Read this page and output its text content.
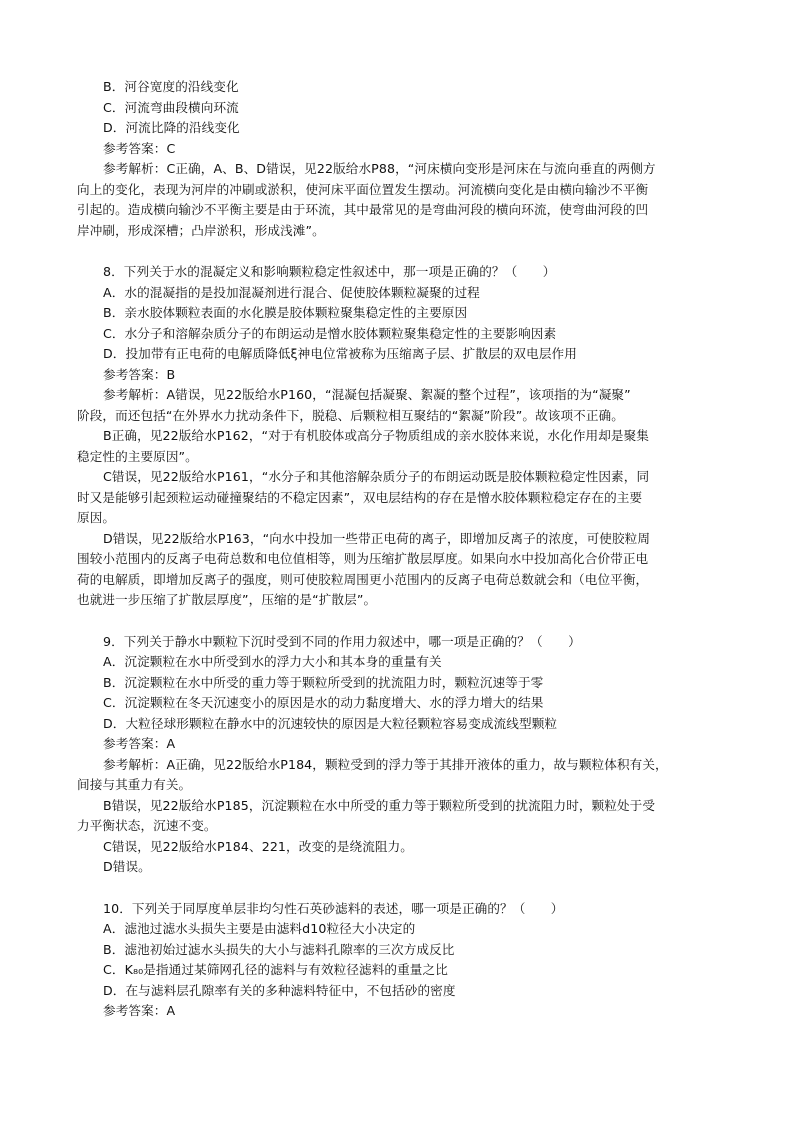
B．河谷宽度的沿线变化
C．河流弯曲段横向环流
D．河流比降的沿线变化
参考答案：C
参考解析：C正确，A、B、D错误，见22版给水P88，“河床横向变形是河床在与流向垂直的两侧方
向上的变化，表现为河岸的冲刷或淤积，使河床平面位置发生摆动。河流横向变化是由横向输沙不平衡
引起的。造成横向输沙不平衡主要是由于环流，其中最常见的是弯曲河段的横向环流，使弯曲河段的凹
岸冲刷，形成深槽；凸岸淤积，形成浅滩”。
8．下列关于水的混凝定义和影响颗粒稳定性叙述中，那一项是正确的？（　　）
A．水的混凝指的是投加混凝剂进行混合、促使胶体颗粒凝聚的过程
B．亲水胶体颗粒表面的水化膜是胶体颗粒聚集稳定性的主要原因
C．水分子和溶解杂质分子的布朗运动是憎水胶体颗粒聚集稳定性的主要影响因素
D．投加带有正电荷的电解质降低ξ神电位常被称为压缩离子层、扩散层的双电层作用
参考答案：B
参考解析：A错误，见22版给水P160，“混凝包括凝聚、絮凝的整个过程”，该项指的为“凝聚”
阶段，而还包括“在外界水力扰动条件下，脱稳、后颗粒相互聚结的“絮凝”阶段”。故该项不正确。
B正确，见22版给水P162，“对于有机胶体或高分子物质组成的亲水胶体来说，水化作用却是聚集
稳定性的主要原因”。
C错误，见22版给水P161，“水分子和其他溶解杂质分子的布朗运动既是胶体颗粒稳定性因素，同
时又是能够引起颈粒运动碰撞聚结的不稳定因素”，双电层结构的存在是憎水胶体颗粒稳定存在的主要
原因。
D错误，见22版给水P163，“向水中投加一些带正电荷的离子，即增加反离子的浓度，可使胶粒周
围较小范围内的反离子电荷总数和电位值相等，则为压缩扩散层厚度。如果向水中投加高化合价带正电
荷的电解质，即增加反离子的强度，则可使胶粒周围更小范围内的反离子电荷总数就会和（电位平衡，
也就进一步压缩了扩散层厚度”，压缩的是“扩散层”。
9．下列关于静水中颗粒下沉时受到不同的作用力叙述中，哪一项是正确的？（　　）
A．沉淀颗粒在水中所受到水的浮力大小和其本身的重量有关
B．沉淀颗粒在水中所受的重力等于颗粒所受到的扰流阻力时，颗粒沉速等于零
C．沉淀颗粒在冬天沉速变小的原因是水的动力黏度增大、水的浮力增大的结果
D．大粒径球形颗粒在静水中的沉速较快的原因是大粒径颗粒容易变成流线型颗粒
参考答案：A
参考解析：A正确，见22版给水P184，颗粒受到的浮力等于其排开液体的重力，故与颗粒体积有关，
间接与其重力有关。
B错误，见22版给水P185，沉淀颗粒在水中所受的重力等于颗粒所受到的扰流阻力时，颗粒处于受
力平衡状态，沉速不变。
C错误，见22版给水P184、221，改变的是绕流阻力。
D错误。
10．下列关于同厚度单层非均匀性石英砂滤料的表述，哪一项是正确的？（　　）
A．滤池过滤水头损失主要是由滤料d10粒径大小决定的
B．滤池初始过滤水头损失的大小与滤料孔隙率的三次方成反比
C．K₈₀是指通过某筛网孔径的滤料与有效粒径滤料的重量之比
D．在与滤料层孔隙率有关的多种滤料特征中，不包括砂的密度
参考答案：A
